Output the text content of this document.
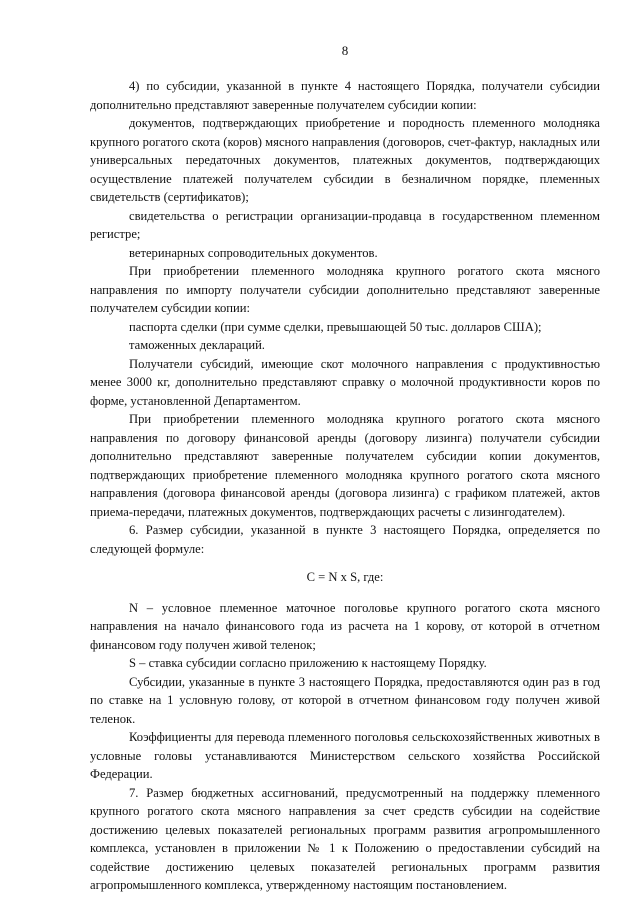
8

4) по субсидии, указанной в пункте 4 настоящего Порядка, получатели субсидии дополнительно представляют заверенные получателем субсидии копии:

документов, подтверждающих приобретение и породность племенного молодняка крупного рогатого скота (коров) мясного направления (договоров, счет-фактур, накладных или универсальных передаточных документов, платежных документов, подтверждающих осуществление платежей получателем субсидии в безналичном порядке, племенных свидетельств (сертификатов);

свидетельства о регистрации организации-продавца в государственном племенном регистре;

ветеринарных сопроводительных документов.

При приобретении племенного молодняка крупного рогатого скота мясного направления по импорту получатели субсидии дополнительно представляют заверенные получателем субсидии копии:

паспорта сделки (при сумме сделки, превышающей 50 тыс. долларов США);

таможенных деклараций.

Получатели субсидий, имеющие скот молочного направления с продуктивностью менее 3000 кг, дополнительно представляют справку о молочной продуктивности коров по форме, установленной Департаментом.

При приобретении племенного молодняка крупного рогатого скота мясного направления по договору финансовой аренды (договору лизинга) получатели субсидии дополнительно представляют заверенные получателем субсидии копии документов, подтверждающих приобретение племенного молодняка крупного рогатого скота мясного направления (договора финансовой аренды (договора лизинга) с графиком платежей, актов приема-передачи, платежных документов, подтверждающих расчеты с лизингодателем).

6. Размер субсидии, указанной в пункте 3 настоящего Порядка, определяется по следующей формуле:

C = N x S, где:

N – условное племенное маточное поголовье крупного рогатого скота мясного направления на начало финансового года из расчета на 1 корову, от которой в отчетном финансовом году получен живой теленок;

S – ставка субсидии согласно приложению к настоящему Порядку.

Субсидии, указанные в пункте 3 настоящего Порядка, предоставляются один раз в год по ставке на 1 условную голову, от которой в отчетном финансовом году получен живой теленок.

Коэффициенты для перевода племенного поголовья сельскохозяйственных животных в условные головы устанавливаются Министерством сельского хозяйства Российской Федерации.

7. Размер бюджетных ассигнований, предусмотренный на поддержку племенного крупного рогатого скота мясного направления за счет средств субсидии на содействие достижению целевых показателей региональных программ развития агропромышленного комплекса, установлен в приложении № 1 к Положению о предоставлении субсидий на содействие достижению целевых показателей региональных программ развития агропромышленного комплекса, утвержденному настоящим постановлением.
